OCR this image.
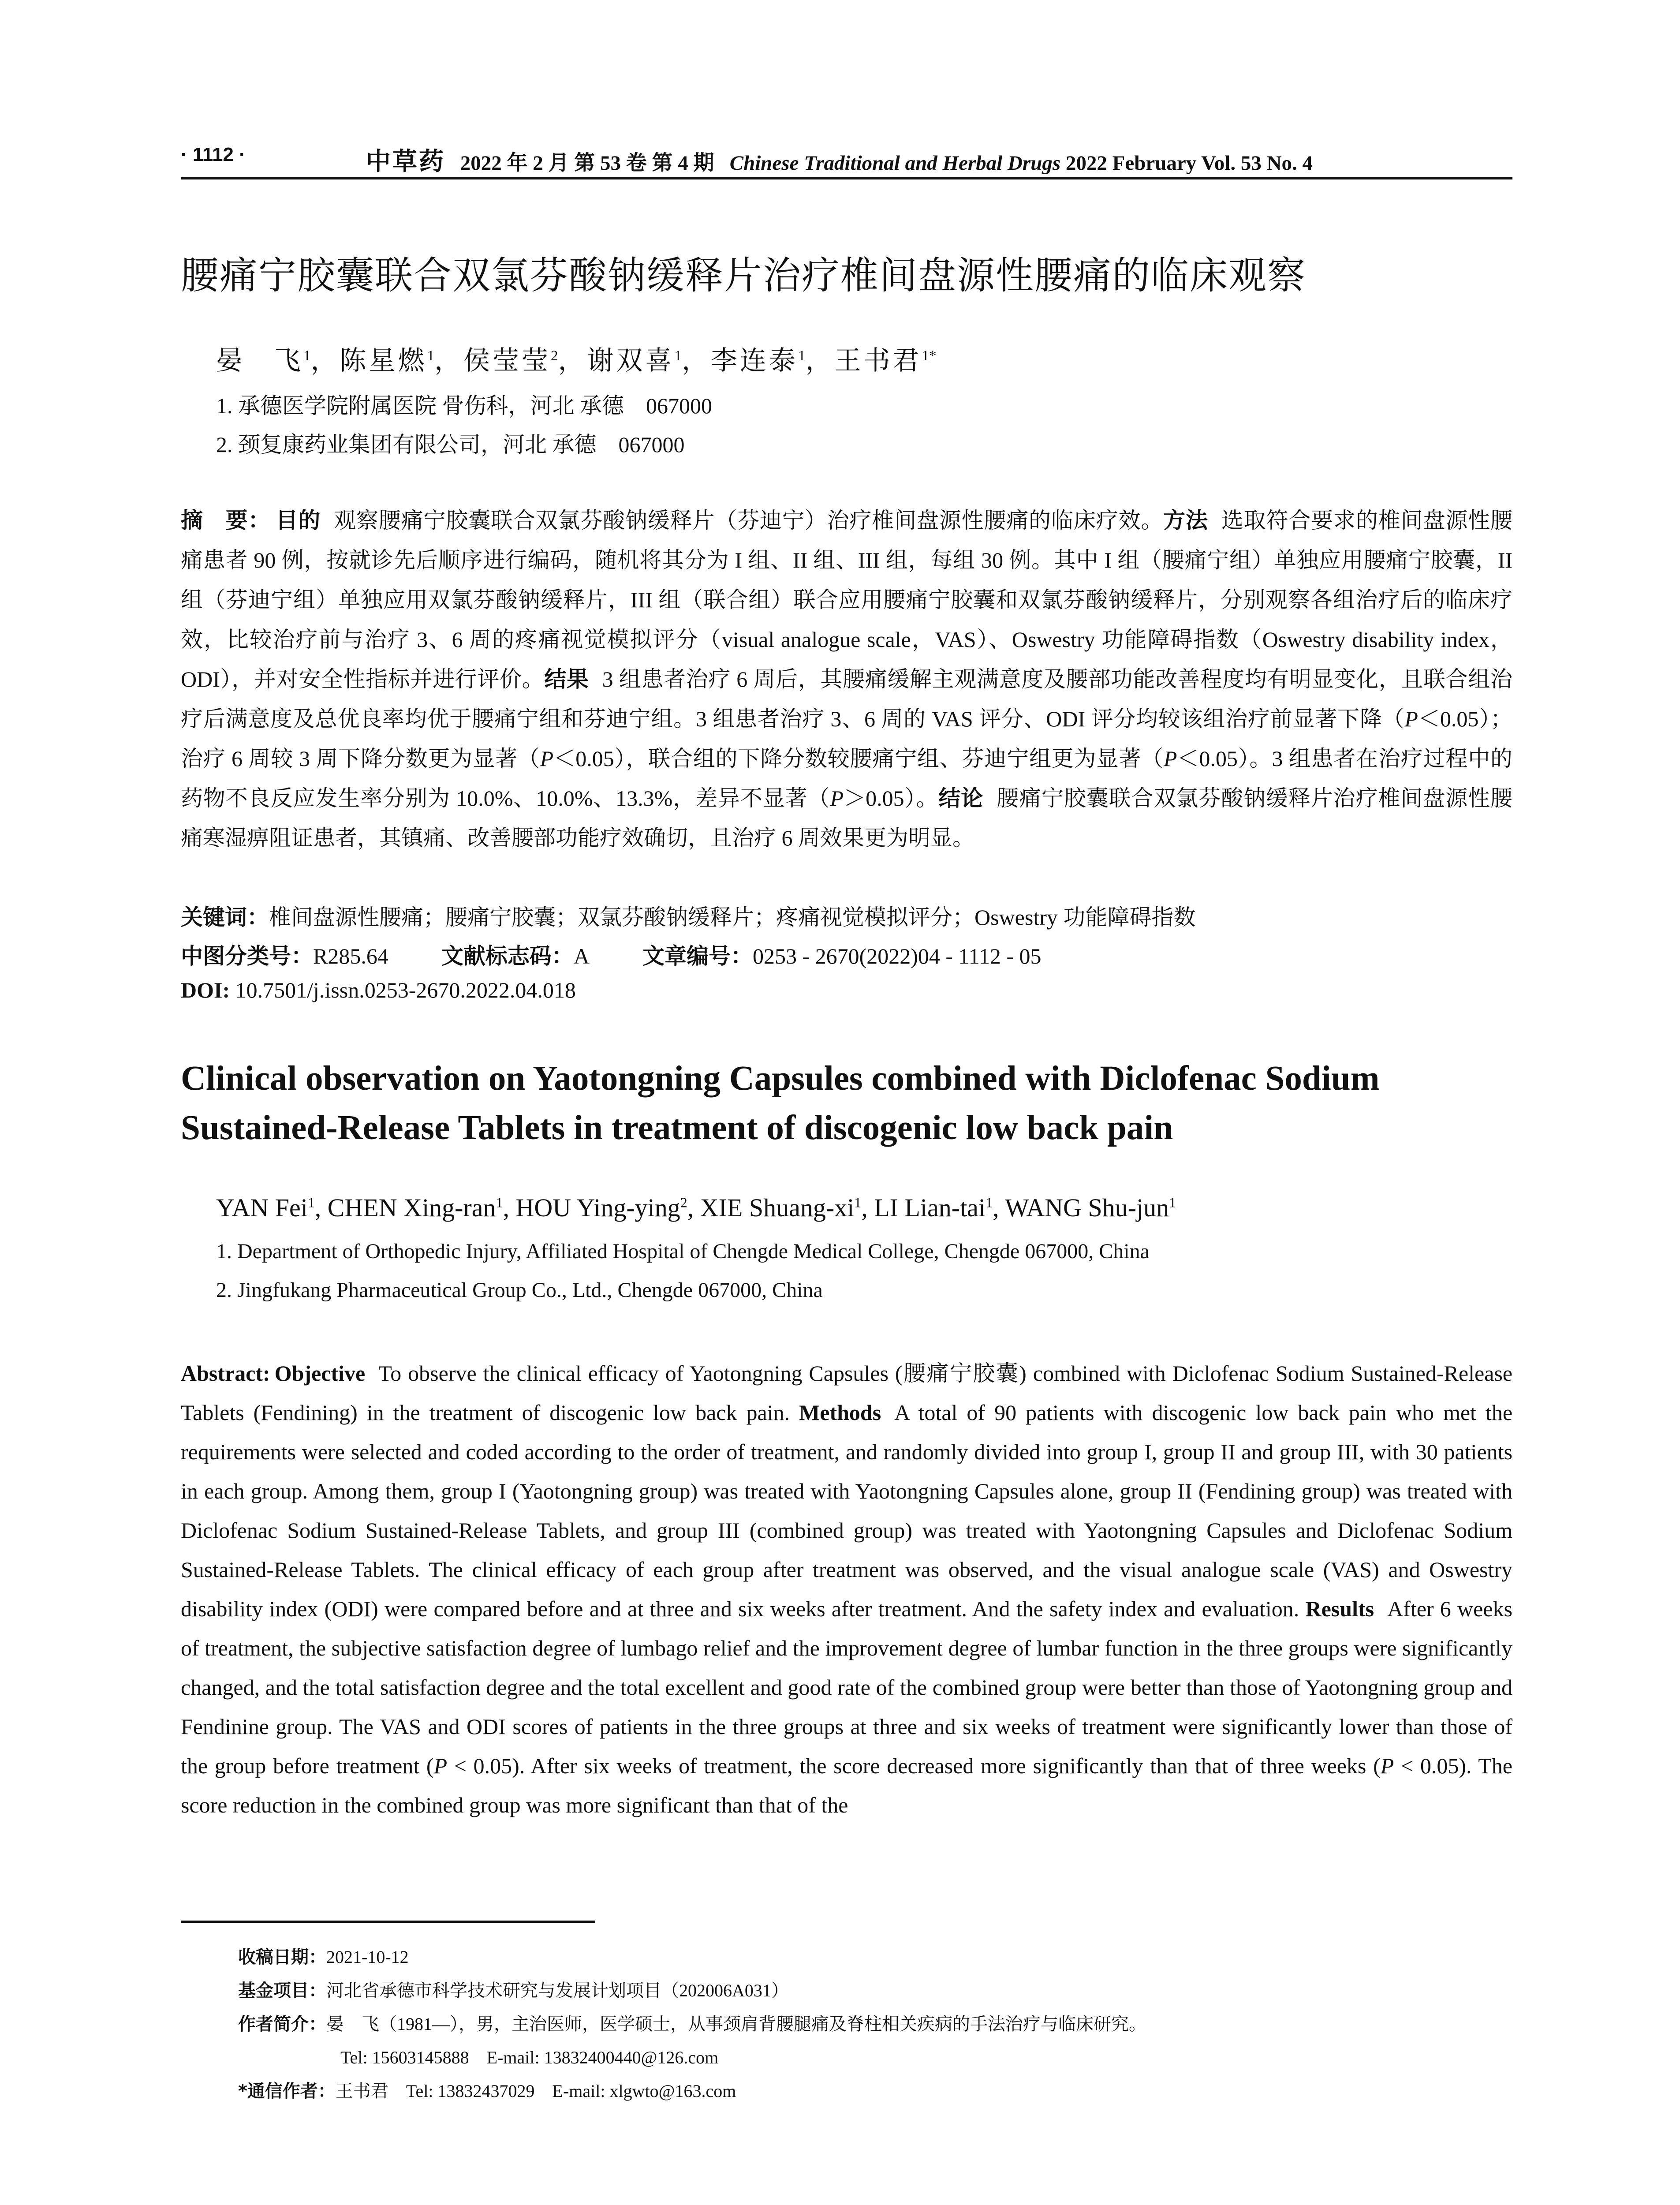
· 1112 ·	中草药 2022 年 2 月 第 53 卷 第 4 期 Chinese Traditional and Herbal Drugs 2022 February Vol. 53 No. 4
腰痛宁胶囊联合双氯芬酸钠缓释片治疗椎间盘源性腰痛的临床观察
晏　飞$^1$，陈星燃$^1$，侯莹莹$^2$，谢双喜$^1$，李连泰$^1$，王书君$^{1*}$
1. 承德医学院附属医院 骨伤科，河北 承德　067000
2. 颈复康药业集团有限公司，河北 承德　067000
摘　要： 目的 观察腰痛宁胶囊联合双氯芬酸钠缓释片（芬迪宁）治疗椎间盘源性腰痛的临床疗效。方法 选取符合要求的椎间盘源性腰痛患者 90 例，按就诊先后顺序进行编码，随机将其分为 I 组、II 组、III 组，每组 30 例。其中 I 组（腰痛宁组）单独应用腰痛宁胶囊，II 组（芬迪宁组）单独应用双氯芬酸钠缓释片，III 组（联合组）联合应用腰痛宁胶囊和双氯芬酸钠缓释片，分别观察各组治疗后的临床疗效，比较治疗前与治疗 3、6 周的疼痛视觉模拟评分（visual analogue scale，VAS）、Oswestry 功能障碍指数（Oswestry disability index，ODI），并对安全性指标并进行评价。结果 3 组患者治疗 6 周后，其腰痛缓解主观满意度及腰部功能改善程度均有明显变化，且联合组治疗后满意度及总优良率均优于腰痛宁组和芬迪宁组。3 组患者治疗 3、6 周的 VAS 评分、ODI 评分均较该组治疗前显著下降（P＜0.05）；治疗 6 周较 3 周下降分数更为显著（P＜0.05），联合组的下降分数较腰痛宁组、芬迪宁组更为显著（P＜0.05）。3 组患者在治疗过程中的药物不良反应发生率分别为 10.0%、10.0%、13.3%，差异不显著（P＞0.05）。结论 腰痛宁胶囊联合双氯芬酸钠缓释片治疗椎间盘源性腰痛寒湿痹阻证患者，其镇痛、改善腰部功能疗效确切，且治疗 6 周效果更为明显。
关键词：椎间盘源性腰痛；腰痛宁胶囊；双氯芬酸钠缓释片；疼痛视觉模拟评分；Oswestry 功能障碍指数
中图分类号：R285.64 文献标志码：A 文章编号：0253 - 2670(2022)04 - 1112 - 05
DOI: 10.7501/j.issn.0253-2670.2022.04.018
Clinical observation on Yaotongning Capsules combined with Diclofenac Sodium Sustained-Release Tablets in treatment of discogenic low back pain
YAN Fei$^1$, CHEN Xing-ran$^1$, HOU Ying-ying$^2$, XIE Shuang-$xi^1$, LI Lian-tai$^1$, WANG Shu-jun$^1$
1. Department of Orthopedic Injury, Affiliated Hospital of Chengde Medical College, Chengde 067000, China
2. Jingfukang Pharmaceutical Group Co., Ltd., Chengde 067000, China
Abstract: Objective To observe the clinical efficacy of Yaotongning Capsules (腰痛宁胶囊) combined with Diclofenac Sodium Sustained-Release Tablets (Fendining) in the treatment of discogenic low back pain. Methods A total of 90 patients with discogenic low back pain who met the requirements were selected and coded according to the order of treatment, and randomly divided into group I, group II and group III, with 30 patients in each group. Among them, group I (Yaotongning group) was treated with Yaotongning Capsules alone, group II (Fendining group) was treated with Diclofenac Sodium Sustained-Release Tablets, and group III (combined group) was treated with Yaotongning Capsules and Diclofenac Sodium Sustained-Release Tablets. The clinical efficacy of each group after treatment was observed, and the visual analogue scale (VAS) and Oswestry disability index (ODI) were compared before and at three and six weeks after treatment. And the safety index and evaluation. Results After 6 weeks of treatment, the subjective satisfaction degree of lumbago relief and the improvement degree of lumbar function in the three groups were significantly changed, and the total satisfaction degree and the total excellent and good rate of the combined group were better than those of Yaotongning group and Fendinine group. The VAS and ODI scores of patients in the three groups at three and six weeks of treatment were significantly lower than those of the group before treatment (P < 0.05). After six weeks of treatment, the score decreased more significantly than that of three weeks (P < 0.05). The score reduction in the combined group was more significant than that of the
收稿日期：2021-10-12
基金项目：河北省承德市科学技术研究与发展计划项目（202006A031）
作者简介：晏　飞（1981—），男，主治医师，医学硕士，从事颈肩背腰腿痛及脊柱相关疾病的手法治疗与临床研究。
Tel: 15603145888　E-mail: 13832400440@126.com
*通信作者：王书君　Tel: 13832437029　E-mail: xlgwto@163.com
